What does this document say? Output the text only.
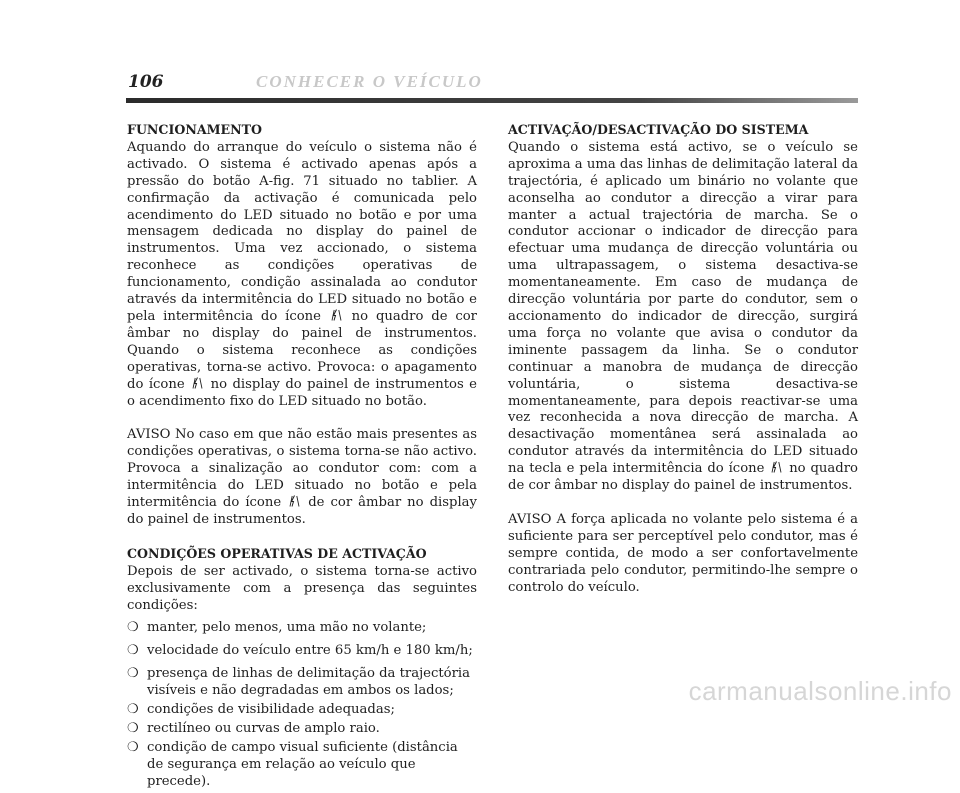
106	CONHECER O VEÍCULO
FUNCIONAMENTO

Aquando do arranque do veículo o sistema não é activado. O sistema é activado apenas após a pressão do botão A-fig. 71 situado no tablier. A confirmação da activação é comunicada pelo acendimento do LED situado no botão e por uma mensagem dedicada no display do painel de instrumentos. Uma vez accionado, o sistema reconhece as condições operativas de funcionamento, condição assinalada ao condutor através da intermitência do LED situado no botão e pela intermitência do ícone no quadro de cor âmbar no display do painel de instrumentos. Quando o sistema reconhece as condições operativas, torna-se activo. Provoca: o apagamento do ícone no display do painel de instrumentos e o acendimento fixo do LED situado no botão.

AVISO No caso em que não estão mais presentes as condições operativas, o sistema torna-se não activo. Provoca a sinalização ao condutor com: com a intermitência do LED situado no botão e pela intermitência do ícone de cor âmbar no display do painel de instrumentos.

CONDIÇÕES OPERATIVAS DE ACTIVAÇÃO
Depois de ser activado, o sistema torna-se activo exclusivamente com a presença das seguintes condições:
❍ manter, pelo menos, uma mão no volante;
❍ velocidade do veículo entre 65 km/h e 180 km/h;
❍ presença de linhas de delimitação da trajectória visíveis e não degradadas em ambos os lados;
❍ condições de visibilidade adequadas;
❍ rectilíneo ou curvas de amplo raio.
❍ condição de campo visual suficiente (distância de segurança em relação ao veículo que precede).
ACTIVAÇÃO/DESACTIVAÇÃO DO SISTEMA

Quando o sistema está activo, se o veículo se aproxima a uma das linhas de delimitação lateral da trajectória, é aplicado um binário no volante que aconselha ao condutor a direcção a virar para manter a actual trajectória de marcha. Se o condutor accionar o indicador de direcção para efectuar uma mudança de direcção voluntária ou uma ultrapassagem, o sistema desactiva-se momentaneamente. Em caso de mudança de direcção voluntária por parte do condutor, sem o accionamento do indicador de direcção, surgirá uma força no volante que avisa o condutor da iminente passagem da linha. Se o condutor continuar a manobra de mudança de direcção voluntária, o sistema desactiva-se momentaneamente, para depois reactivar-se uma vez reconhecida a nova direcção de marcha. A desactivação momentânea será assinalada ao condutor através da intermitência do LED situado na tecla e pela intermitência do ícone no quadro de cor âmbar no display do painel de instrumentos.

AVISO A força aplicada no volante pelo sistema é a suficiente para ser perceptível pelo condutor, mas é sempre contida, de modo a ser confortavelmente contrariada pelo condutor, permitindo-lhe sempre o controlo do veículo.

carmanualsonline.info
